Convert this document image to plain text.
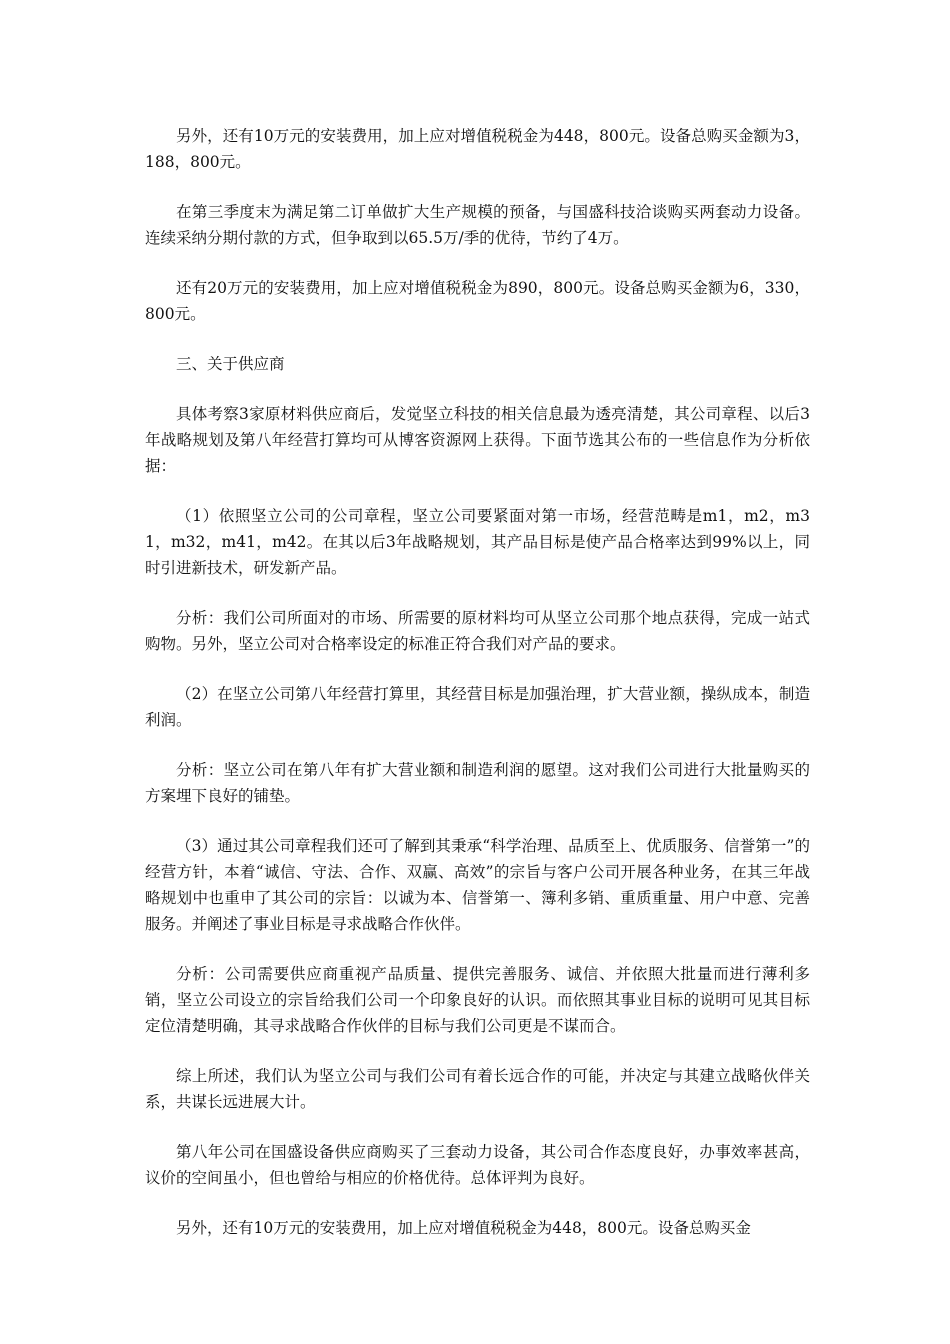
另外，还有10万元的安装费用，加上应对增值税税金为448，800元。设备总购买金额为3，188，800元。

在第三季度末为满足第二订单做扩大生产规模的预备，与国盛科技洽谈购买两套动力设备。连续采纳分期付款的方式，但争取到以65.5万/季的优待，节约了4万。

还有20万元的安装费用，加上应对增值税税金为890，800元。设备总购买金额为6，330，800元。

三、关于供应商

具体考察3家原材料供应商后，发觉坚立科技的相关信息最为透亮清楚，其公司章程、以后3年战略规划及第八年经营打算均可从博客资源网上获得。下面节选其公布的一些信息作为分析依据：

（1）依照坚立公司的公司章程，坚立公司要紧面对第一市场，经营范畴是m1，m2，m31，m32，m41，m42。在其以后3年战略规划，其产品目标是使产品合格率达到99%以上，同时引进新技术，研发新产品。

分析：我们公司所面对的市场、所需要的原材料均可从坚立公司那个地点获得，完成一站式购物。另外，坚立公司对合格率设定的标准正符合我们对产品的要求。

（2）在坚立公司第八年经营打算里，其经营目标是加强治理，扩大营业额，操纵成本，制造利润。

分析：坚立公司在第八年有扩大营业额和制造利润的愿望。这对我们公司进行大批量购买的方案埋下良好的铺垫。

（3）通过其公司章程我们还可了解到其秉承“科学治理、品质至上、优质服务、信誉第一”的经营方针，本着“诚信、守法、合作、双赢、高效”的宗旨与客户公司开展各种业务，在其三年战略规划中也重申了其公司的宗旨：以诚为本、信誉第一、簿利多销、重质重量、用户中意、完善服务。并阐述了事业目标是寻求战略合作伙伴。

分析：公司需要供应商重视产品质量、提供完善服务、诚信、并依照大批量而进行薄利多销，坚立公司设立的宗旨给我们公司一个印象良好的认识。而依照其事业目标的说明可见其目标定位清楚明确，其寻求战略合作伙伴的目标与我们公司更是不谋而合。

综上所述，我们认为坚立公司与我们公司有着长远合作的可能，并决定与其建立战略伙伴关系，共谋长远进展大计。

第八年公司在国盛设备供应商购买了三套动力设备，其公司合作态度良好，办事效率甚高，议价的空间虽小，但也曾给与相应的价格优待。总体评判为良好。

另外，还有10万元的安装费用，加上应对增值税税金为448，800元。设备总购买金
